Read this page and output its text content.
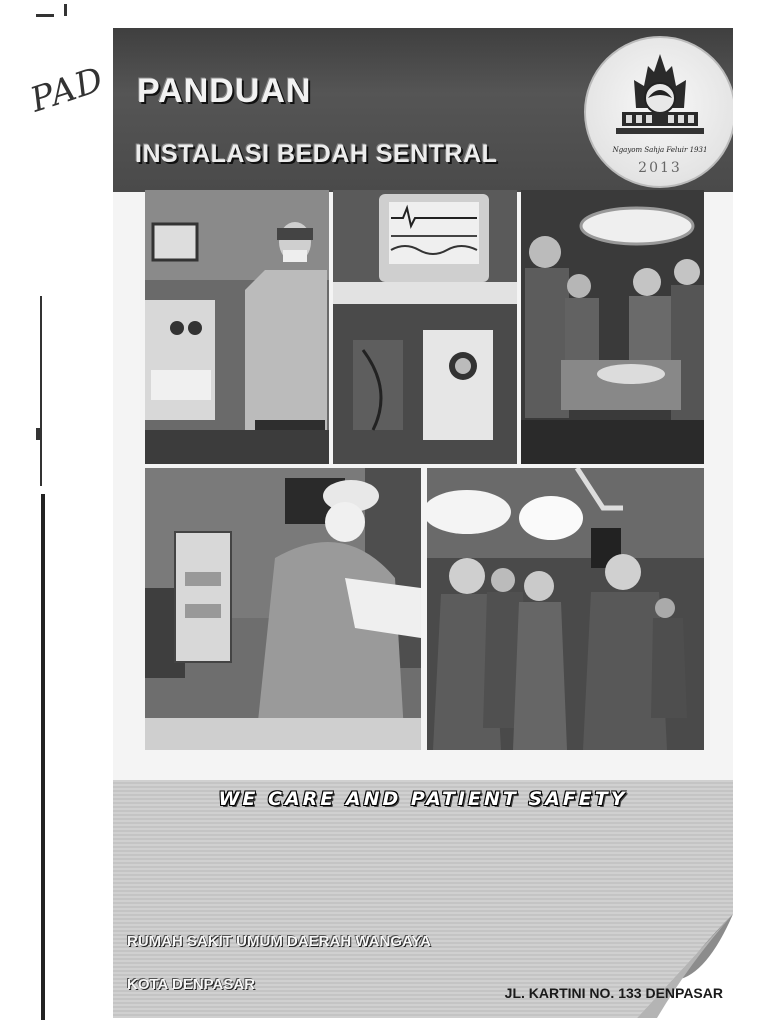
PAD PANDUAN
INSTALASI BEDAH SENTRAL	Ngayom Sahja Feluir 1931
2013
WE CARE AND PATIENT SAFETY
RUMAH SAKIT UMUM DAERAH WANGAYA
KOTA DENPASAR	JL. KARTINI NO. 133 DENPASAR
